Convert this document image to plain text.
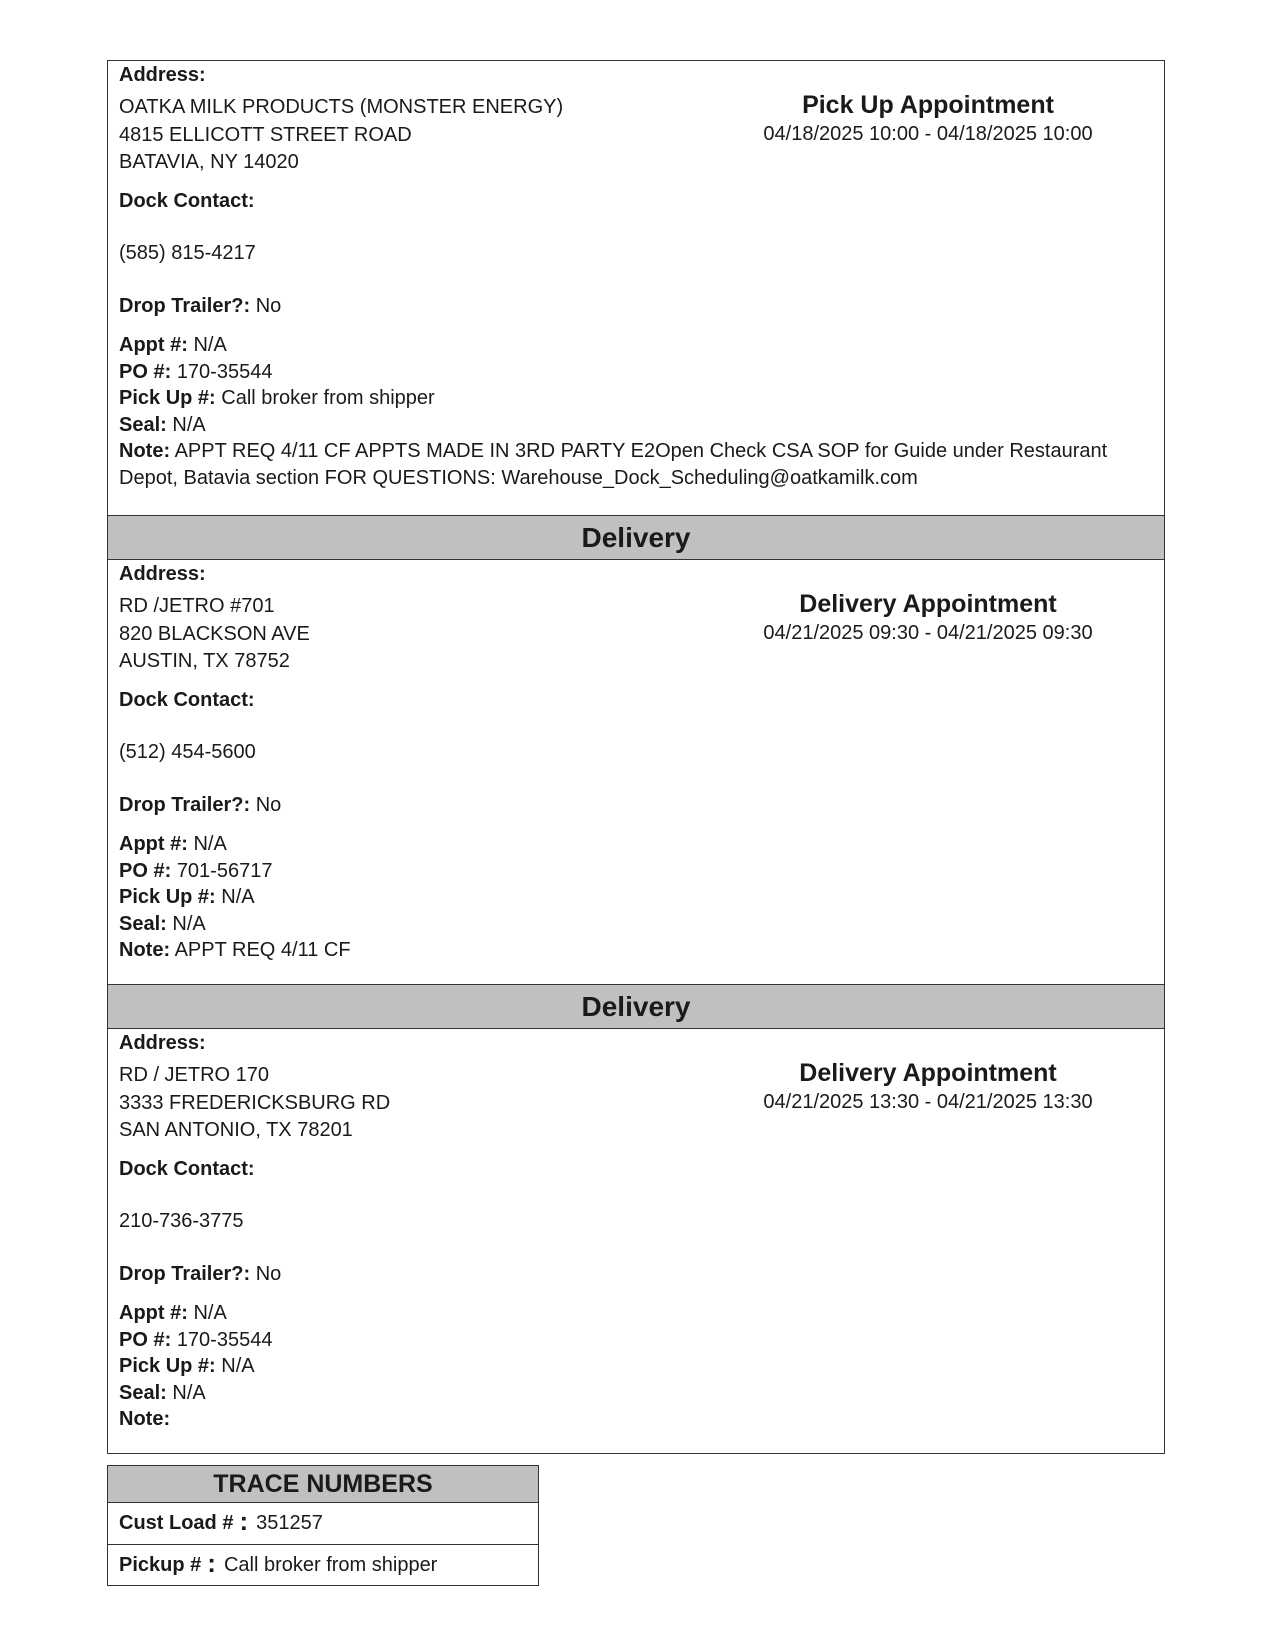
Address:
OATKA MILK PRODUCTS (MONSTER ENERGY)
4815 ELLICOTT STREET ROAD
BATAVIA, NY 14020
Pick Up Appointment
04/18/2025 10:00 - 04/18/2025 10:00
Dock Contact:
(585) 815-4217
Drop Trailer?: No
Appt #: N/A
PO #: 170-35544
Pick Up #: Call broker from shipper
Seal: N/A
Note: APPT REQ 4/11 CF APPTS MADE IN 3RD PARTY E2Open Check CSA SOP for Guide under Restaurant
Depot, Batavia section FOR QUESTIONS: Warehouse_Dock_Scheduling@oatkamilk.com
Delivery
Address:
RD /JETRO #701
820 BLACKSON AVE
AUSTIN, TX 78752
Delivery Appointment
04/21/2025 09:30 - 04/21/2025 09:30
Dock Contact:
(512) 454-5600
Drop Trailer?: No
Appt #: N/A
PO #: 701-56717
Pick Up #: N/A
Seal: N/A
Note: APPT REQ 4/11 CF
Delivery
Address:
RD / JETRO 170
3333 FREDERICKSBURG RD
SAN ANTONIO, TX 78201
Delivery Appointment
04/21/2025 13:30 - 04/21/2025 13:30
Dock Contact:
210-736-3775
Drop Trailer?: No
Appt #: N/A
PO #: 170-35544
Pick Up #: N/A
Seal: N/A
Note:
TRACE NUMBERS
Cust Load # : 351257
Pickup # : Call broker from shipper
